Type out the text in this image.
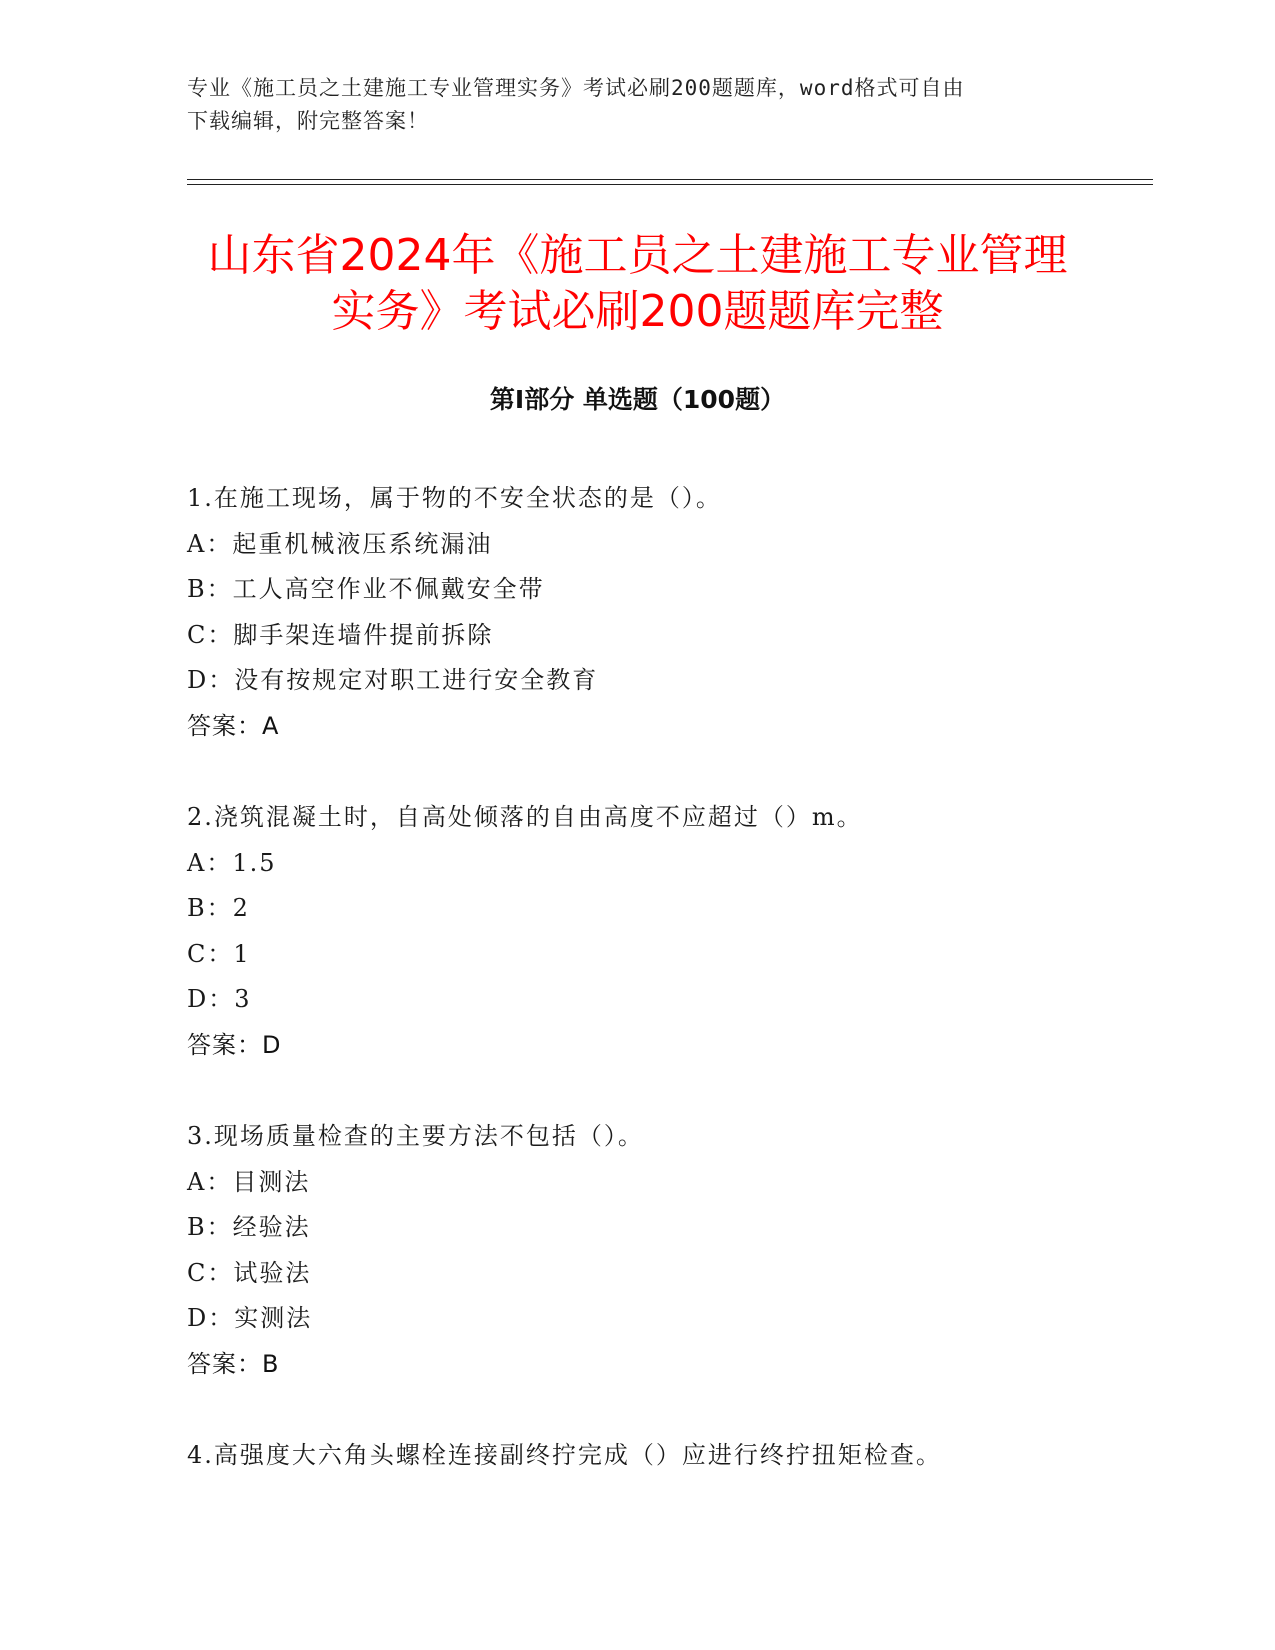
专业《施工员之土建施工专业管理实务》考试必刷200题题库，word格式可自由
下载编辑，附完整答案！
山东省2024年《施工员之土建施工专业管理
实务》考试必刷200题题库完整
第Ⅰ部分 单选题（100题）
1.在施工现场，属于物的不安全状态的是（）。
A：起重机械液压系统漏油
B：工人高空作业不佩戴安全带
C：脚手架连墙件提前拆除
D：没有按规定对职工进行安全教育
答案：A
2.浇筑混凝土时，自高处倾落的自由高度不应超过（）m。
A：1.5
B：2
C：1
D：3
答案：D
3.现场质量检查的主要方法不包括（）。
A：目测法
B：经验法
C：试验法
D：实测法
答案：B
4.高强度大六角头螺栓连接副终拧完成（）应进行终拧扭矩检查。
